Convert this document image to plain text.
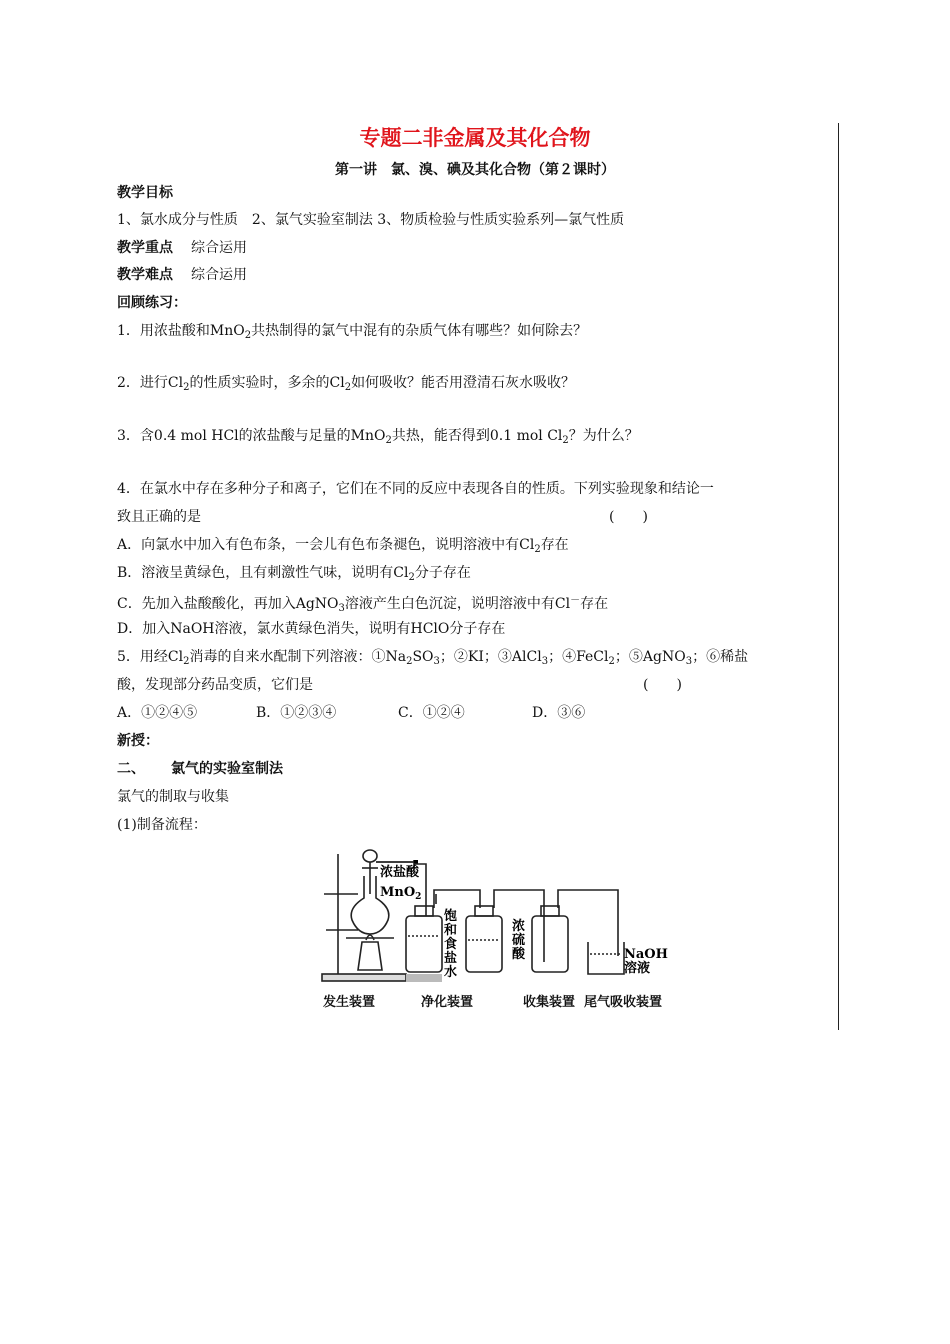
专题二非金属及其化合物
第一讲　氯、溴、碘及其化合物（第２课时）
教学目标
1、氯水成分与性质　2、氯气实验室制法 3、物质检验与性质实验系列—氯气性质
教学重点 综合运用
教学难点 综合运用
回顾练习：
1．用浓盐酸和MnO$_2$共热制得的氯气中混有的杂质气体有哪些？如何除去？
2．进行$Cl_2$的性质实验时，多余的$Cl_2$如何吸收？能否用澄清石灰水吸收？
3．含0.4 mol HCl的浓盐酸与足量的MnO$_2$共热，能否得到0.1 mol $Cl_2$？为什么？
4．在氯水中存在多种分子和离子，它们在不同的反应中表现各自的性质。下列实验现象和结论一
致且正确的是	(　　)
A．向氯水中加入有色布条，一会儿有色布条褪色，说明溶液中有$Cl_2$存在
B．溶液呈黄绿色，且有刺激性气味，说明有$Cl_2$分子存在
C．先加入盐酸酸化，再加入AgNO$_3$溶液产生白色沉淀，说明溶液中有Cl－存在
D．加入NaOH溶液，氯水黄绿色消失，说明有HClO分子存在
5．用经$Cl_2$消毒的自来水配制下列溶液：$①Na_2SO_3$；②KI；③AlCl$_3$；④FeCl$_2$；⑤AgNO$_3$；⑥稀盐
酸，发现部分药品变质，它们是	(　　)
A．①②④⑤	B．①②③④	C．①②④	D．③⑥
新授：
二、 氯气的实验室制法
氯气的制取与收集
(1)制备流程：
浓盐酸
MnO$_2$
饱
和
食
盐
水
浓
硫
酸	NaOH
溶液
发生装置	净化装置	收集装置 尾气吸收装置
